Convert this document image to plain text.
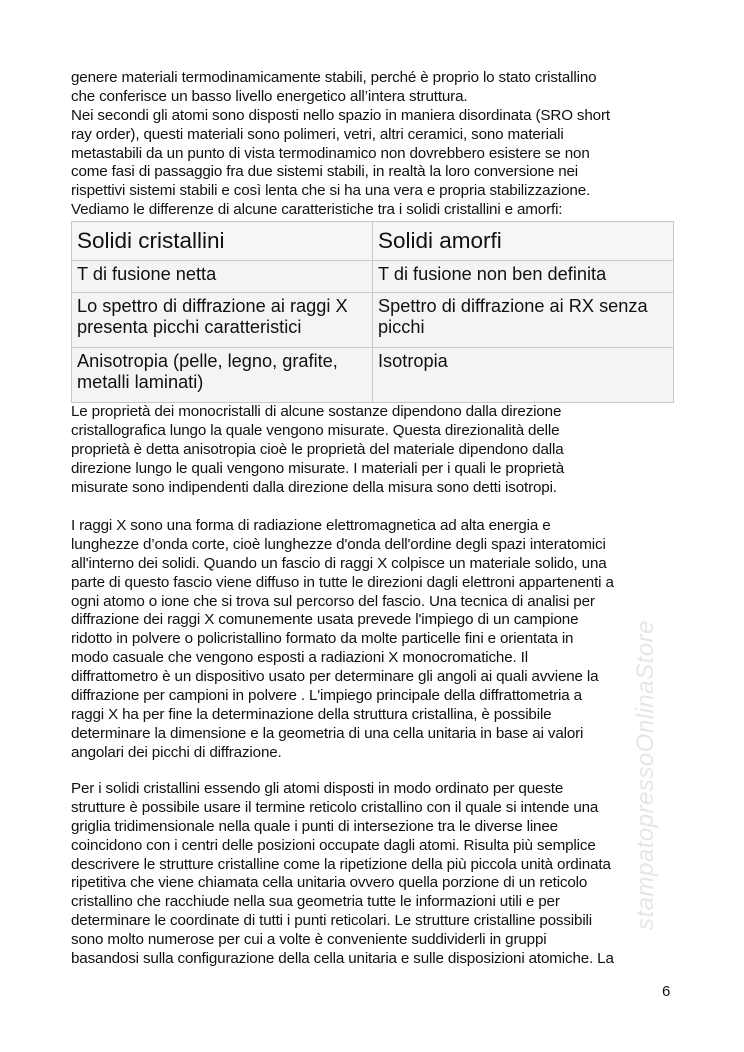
genere materiali termodinamicamente stabili, perché è proprio lo stato cristallino
che conferisce un basso livello energetico all’intera struttura.
Nei secondi gli atomi sono disposti nello spazio in maniera disordinata (SRO short
ray order), questi materiali sono polimeri, vetri, altri ceramici, sono materiali
metastabili da un punto di vista termodinamico non dovrebbero esistere se non
come fasi di passaggio fra due sistemi stabili, in realtà la loro conversione nei
rispettivi sistemi stabili e così lenta che si ha una vera e propria stabilizzazione.
Vediamo le differenze di alcune caratteristiche tra i solidi cristallini e amorfi:
Solidi cristallini	Solidi amorfi
T di fusione netta	T di fusione non ben definita
Lo spettro di diffrazione ai raggi X presenta picchi caratteristici	Spettro di diffrazione ai RX senza picchi
Anisotropia (pelle, legno, grafite, metalli laminati)	Isotropia
Le proprietà dei monocristalli di alcune sostanze dipendono dalla direzione
cristallografica lungo la quale vengono misurate. Questa direzionalità delle
proprietà è detta anisotropia cioè le proprietà del materiale dipendono dalla
direzione lungo le quali vengono misurate. I materiali per i quali le proprietà
misurate sono indipendenti dalla direzione della misura sono detti isotropi.
I raggi X sono una forma di radiazione elettromagnetica ad alta energia e
lunghezze d’onda corte, cioè lunghezze d'onda dell'ordine degli spazi interatomici
all'interno dei solidi. Quando un fascio di raggi X colpisce un materiale solido, una
parte di questo fascio viene diffuso in tutte le direzioni dagli elettroni appartenenti a
ogni atomo o ione che si trova sul percorso del fascio. Una tecnica di analisi per
diffrazione dei raggi X comunemente usata prevede l'impiego di un campione
ridotto in polvere o policristallino formato da molte particelle fini e orientata in
modo casuale che vengono esposti a radiazioni X monocromatiche. Il
diffrattometro è un dispositivo usato per determinare gli angoli ai quali avviene la
diffrazione per campioni in polvere . L'impiego principale della diffrattometria a
raggi X ha per fine la determinazione della struttura cristallina, è possibile
determinare la dimensione e la geometria di una cella unitaria in base ai valori
angolari dei picchi di diffrazione.
Per i solidi cristallini essendo gli atomi disposti in modo ordinato per queste
strutture è possibile usare il termine reticolo cristallino con il quale si intende una
griglia tridimensionale nella quale i punti di intersezione tra le diverse linee
coincidono con i centri delle posizioni occupate dagli atomi. Risulta più semplice
descrivere le strutture cristalline come la ripetizione della più piccola unità ordinata
ripetitiva che viene chiamata cella unitaria ovvero quella porzione di un reticolo
cristallino che racchiude nella sua geometria tutte le informazioni utili e per
determinare le coordinate di tutti i punti reticolari. Le strutture cristalline possibili
sono molto numerose per cui a volte è conveniente suddividerli in gruppi
basandosi sulla configurazione della cella unitaria e sulle disposizioni atomiche. La
stampatopressoOnlinaStore
6
